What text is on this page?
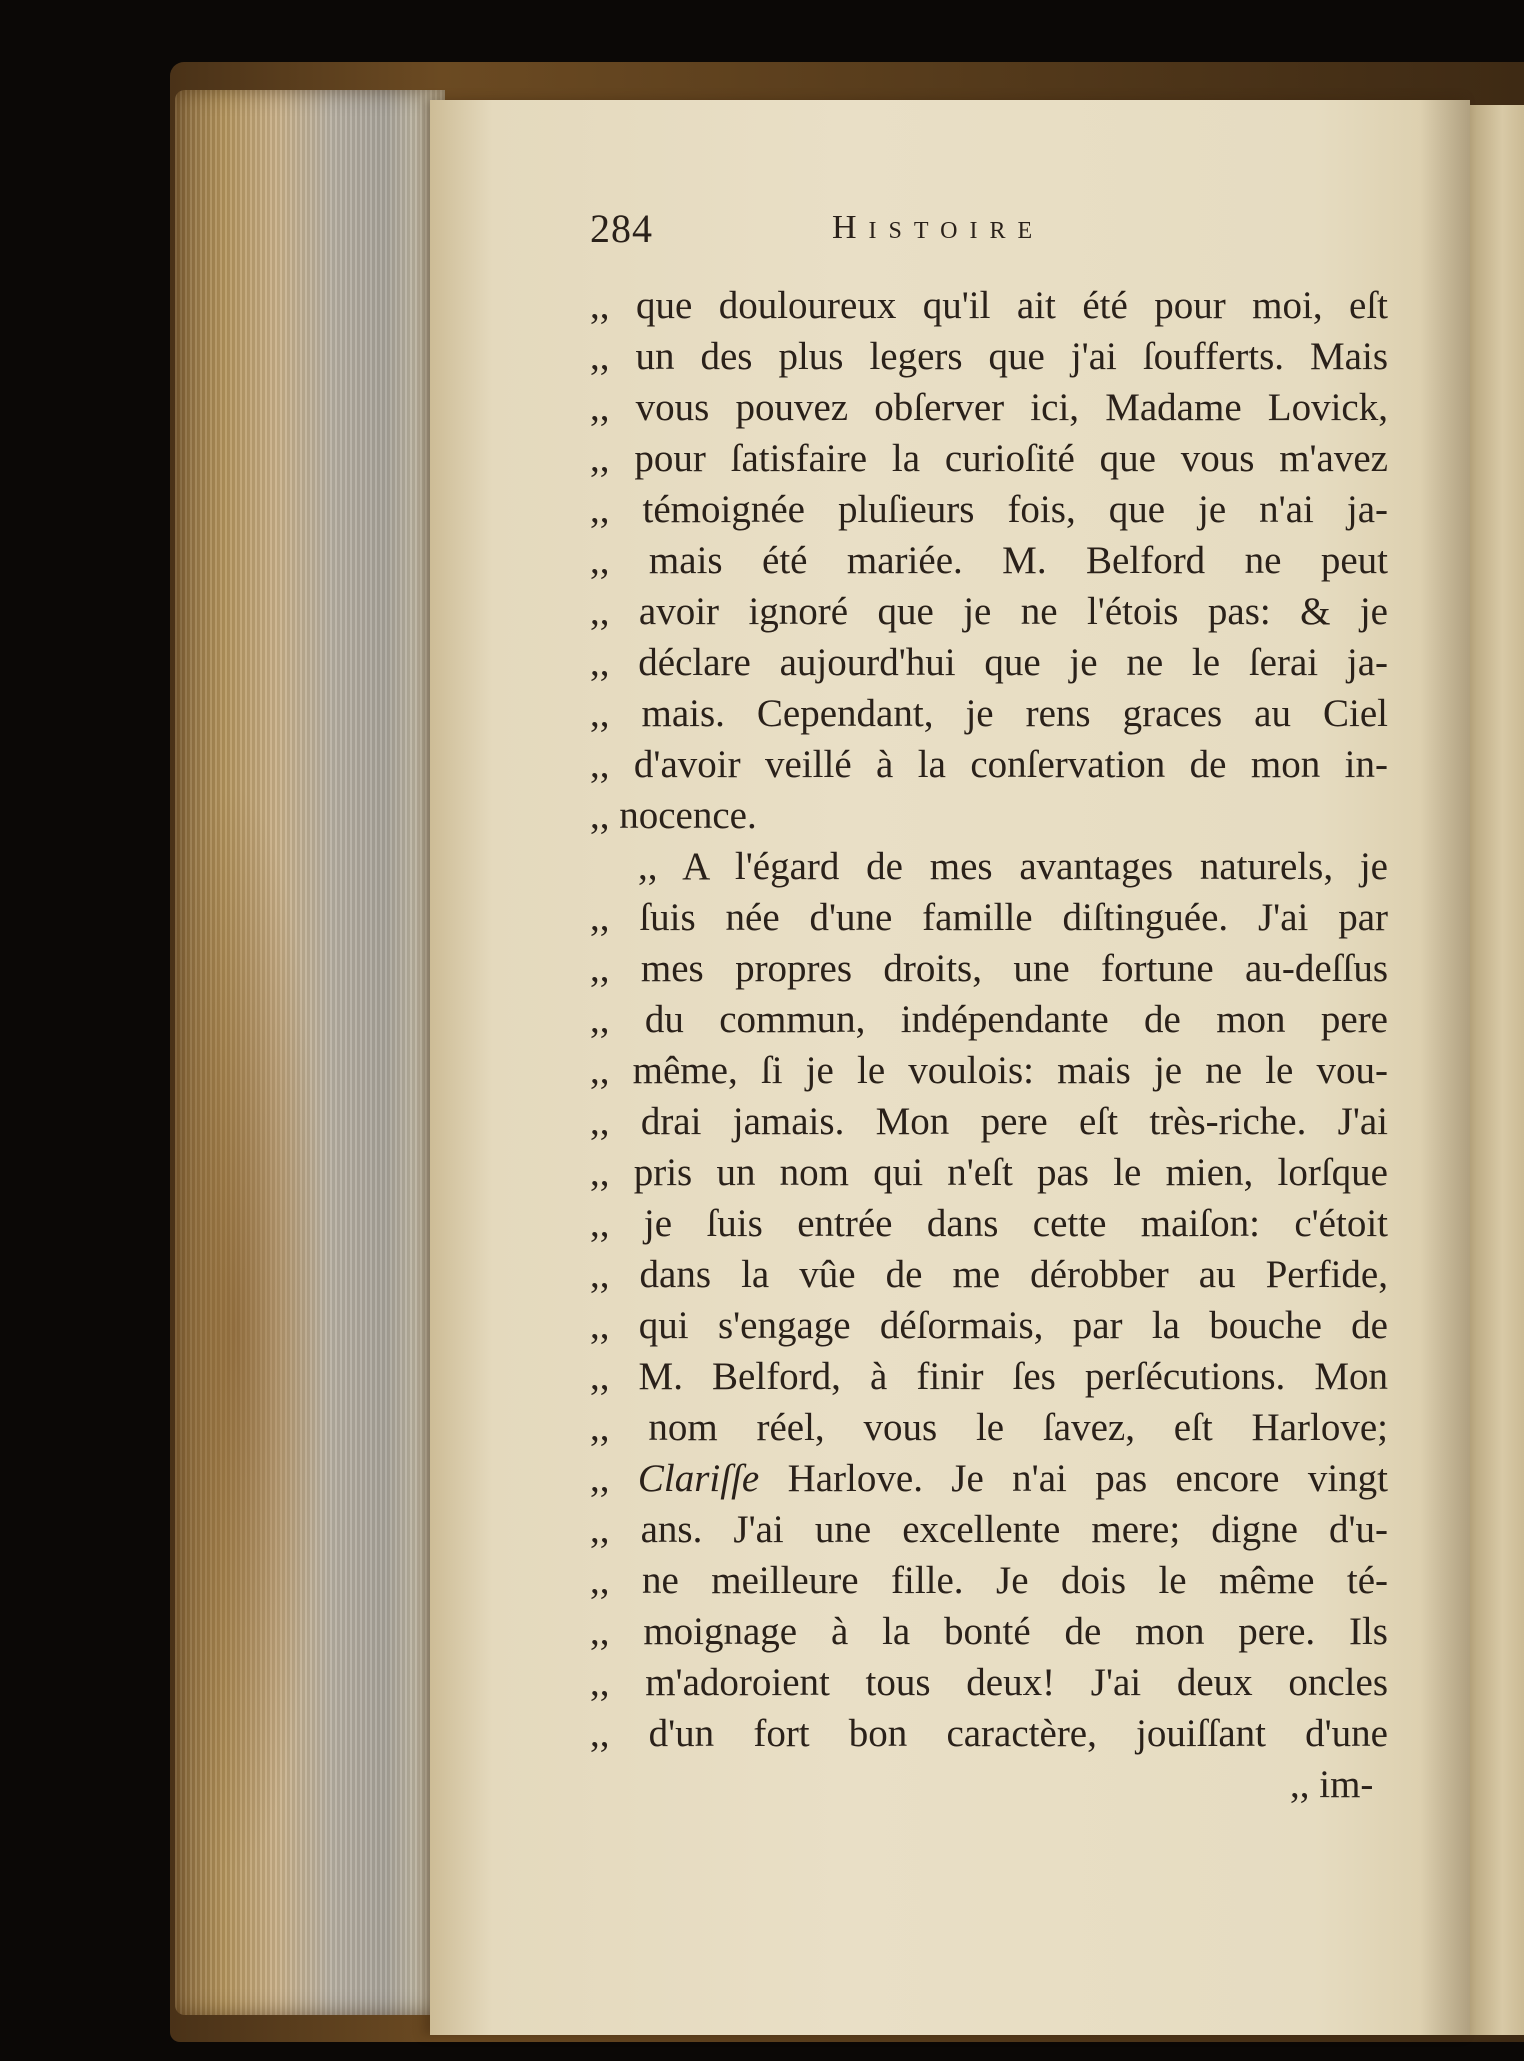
284	Histoire
,, que douloureux qu'il ait été pour moi, eſt
,, un des plus legers que j'ai ſoufferts. Mais
,, vous pouvez obſerver ici, Madame Lovick,
,, pour ſatisfaire la curioſité que vous m'avez
,, témoignée pluſieurs fois, que je n'ai ja-
,, mais été mariée. M. Belford ne peut
,, avoir ignoré que je ne l'étois pas: & je
,, déclare aujourd'hui que je ne le ſerai ja-
,, mais. Cependant, je rens graces au Ciel
,, d'avoir veillé à la conſervation de mon in-
,, nocence.
,, A l'égard de mes avantages naturels, je
,, ſuis née d'une famille diſtinguée. J'ai par
,, mes propres droits, une fortune au-deſſus
,, du commun, indépendante de mon pere
,, même, ſi je le voulois: mais je ne le vou-
,, drai jamais. Mon pere eſt très-riche. J'ai
,, pris un nom qui n'eſt pas le mien, lorſque
,, je ſuis entrée dans cette maiſon: c'étoit
,, dans la vûe de me dérobber au Perfide,
,, qui s'engage déſormais, par la bouche de
,, M. Belford, à finir ſes perſécutions. Mon
,, nom réel, vous le ſavez, eſt Harlove;
,, Clariſſe Harlove. Je n'ai pas encore vingt
,, ans. J'ai une excellente mere; digne d'u-
,, ne meilleure fille. Je dois le même té-
,, moignage à la bonté de mon pere. Ils
,, m'adoroient tous deux! J'ai deux oncles
,, d'un fort bon caractère, jouiſſant d'une
,, im-
